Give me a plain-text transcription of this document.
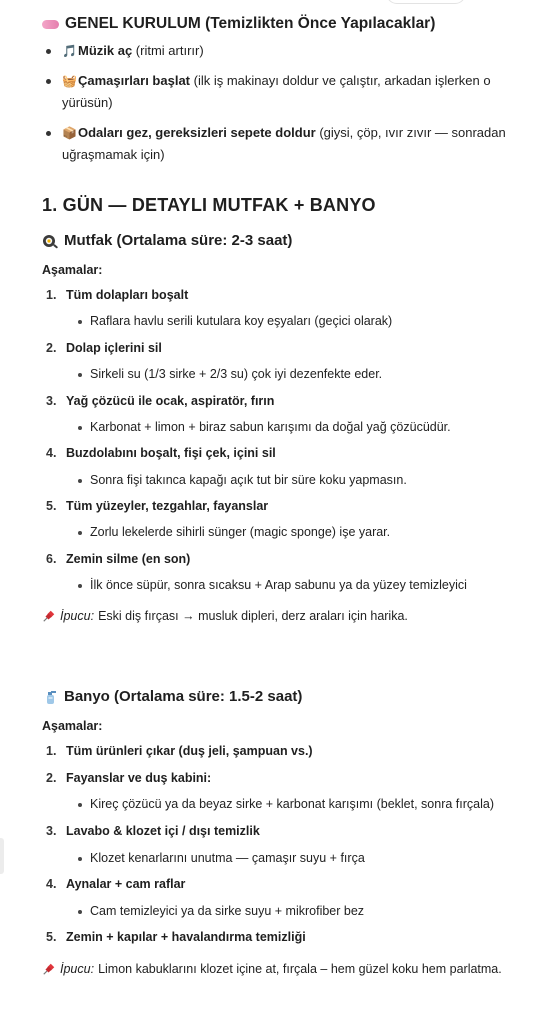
GENEL KURULUM (Temizlikten Önce Yapılacaklar)
🎵Müzik aç (ritmi artırır)
🧺Çamaşırları başlat (ilk iş makinayı doldur ve çalıştır, arkadan işlerken o yürüsün)
📦Odaları gez, gereksizleri sepete doldur (giysi, çöp, ıvır zıvır — sonradan uğraşmamak için)
1. GÜN — DETAYLI MUTFAK + BANYO
Mutfak (Ortalama süre: 2-3 saat)
Aşamalar:
1. Tüm dolapları boşalt
Raflara havlu serili kutulara koy eşyaları (geçici olarak)
2. Dolap içlerini sil
Sirkeli su (1/3 sirke + 2/3 su) çok iyi dezenfekte eder.
3. Yağ çözücü ile ocak, aspiratör, fırın
Karbonat + limon + biraz sabun karışımı da doğal yağ çözücüdür.
4. Buzdolabını boşalt, fişi çek, içini sil
Sonra fişi takınca kapağı açık tut bir süre koku yapmasın.
5. Tüm yüzeyler, tezgahlar, fayanslar
Zorlu lekelerde sihirli sünger (magic sponge) işe yarar.
6. Zemin silme (en son)
İlk önce süpür, sonra sıcaksu + Arap sabunu ya da yüzey temizleyici
İpucu: Eski diş fırçası → musluk dipleri, derz araları için harika.
Banyo (Ortalama süre: 1.5-2 saat)
Aşamalar:
1. Tüm ürünleri çıkar (duş jeli, şampuan vs.)
2. Fayanslar ve duş kabini:
Kireç çözücü ya da beyaz sirke + karbonat karışımı (beklet, sonra fırçala)
3. Lavabo & klozet içi / dışı temizlik
Klozet kenarlarını unutma — çamaşır suyu + fırça
4. Aynalar + cam raflar
Cam temizleyici ya da sirke suyu + mikrofiber bez
5. Zemin + kapılar + havalandırma temizliği
İpucu: Limon kabuklarını klozet içine at, fırçala – hem güzel koku hem parlatma.
